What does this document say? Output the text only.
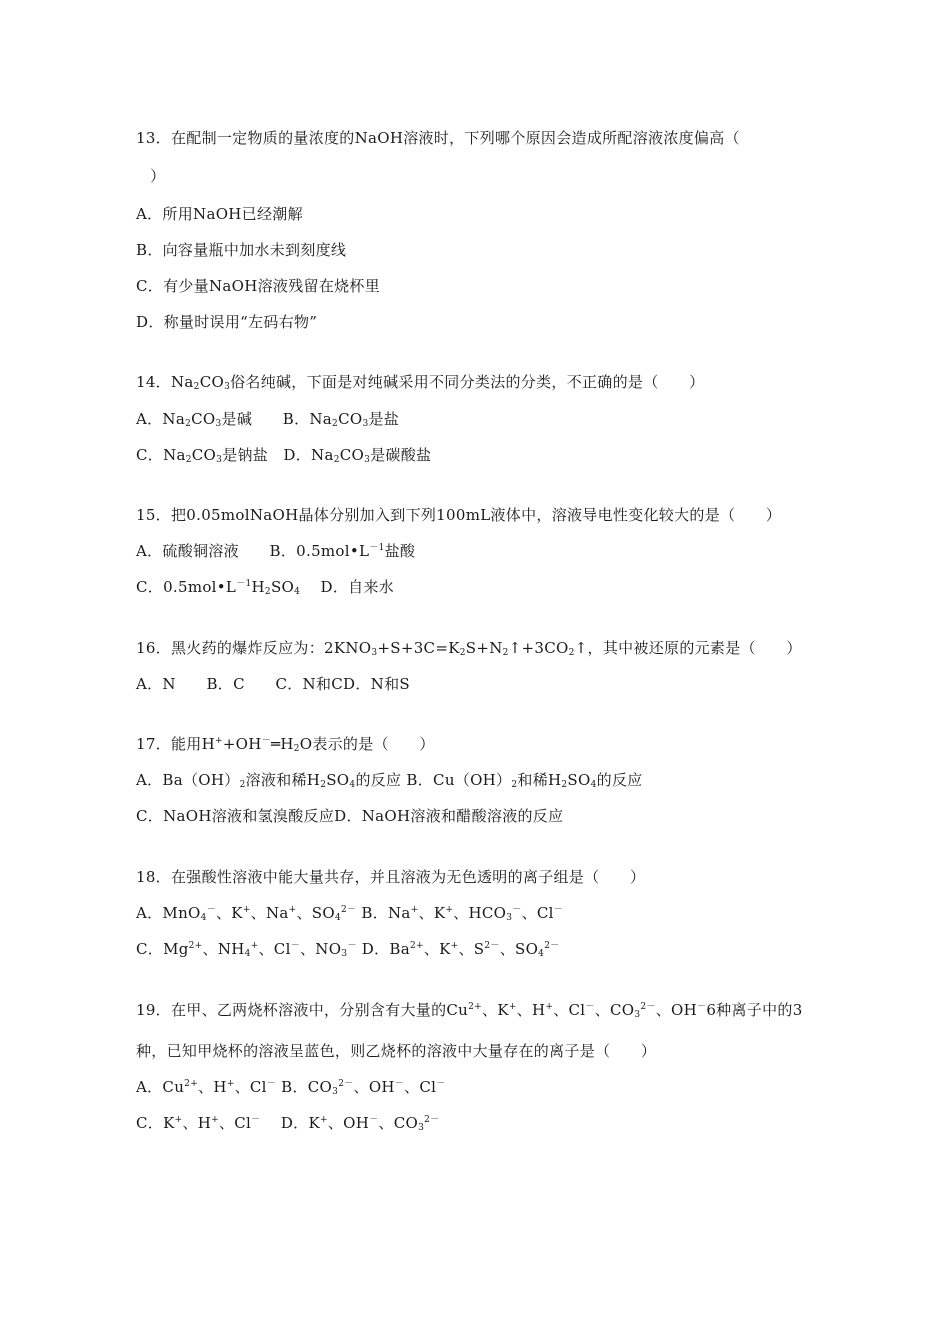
13．在配制一定物质的量浓度的NaOH溶液时，下列哪个原因会造成所配溶液浓度偏高（
）
A．所用NaOH已经潮解
B．向容量瓶中加水未到刻度线
C．有少量NaOH溶液残留在烧杯里
D．称量时误用“左码右物”
14．$Na_2CO_3$俗名纯碱，下面是对纯碱采用不同分类法的分类，不正确的是（　　）
A．$Na_2CO_3$是碱　　B．$Na_2CO_3$是盐
C．$Na_2CO_3$是钠盐　D．$Na_2CO_3$是碳酸盐
15．把0.05molNaOH晶体分别加入到下列100mL液体中，溶液导电性变化较大的是（　　）
A．硫酸铜溶液　　B．$0.5mol•L^{-1}$盐酸
C．$0.5mol•L^{-1}H_2SO_4$　 D．自来水
16．黑火药的爆炸反应为：$2KNO_3+S+3C=K_2S+N_2↑+3CO_2↑$，其中被还原的元素是（　　）
A．N　　B．C　　C．N和CD．N和S
17．能用$H^++OH^-═H_2O$表示的是（　　）
A．$Ba(OH)_2$溶液和稀$H_2SO_4$的反应 B．$Cu(OH)_2$和稀$H_2SO_4$的反应
C．NaOH溶液和氢溴酸反应D．NaOH溶液和醋酸溶液的反应
18．在强酸性溶液中能大量共存，并且溶液为无色透明的离子组是（　　）
A．MnO$_4$－、K+、Na+、$SO_4^{2-}$ B．Na+、K+、$HCO_3^-$、Cl－
C．$Mg^{2+}$、$NH_4^+$、Cl－、$NO_3^-$ D．$Ba^{2+}$、K+、$S^{2-}$、$SO_4^{2-}$
19．在甲、乙两烧杯溶液中，分别含有大量的$Cu^{2+}$、K+、H+、Cl－、$CO_3^{2-}$、OH－6种离子中的3
种，已知甲烧杯的溶液呈蓝色，则乙烧杯的溶液中大量存在的离子是（　　）
A．$Cu^{2+}$、H+、Cl－ B．$CO_3^{2-}$、OH－、Cl－
C．K+、H+、Cl－　 D．K+、OH－、$CO_3^{2-}$
